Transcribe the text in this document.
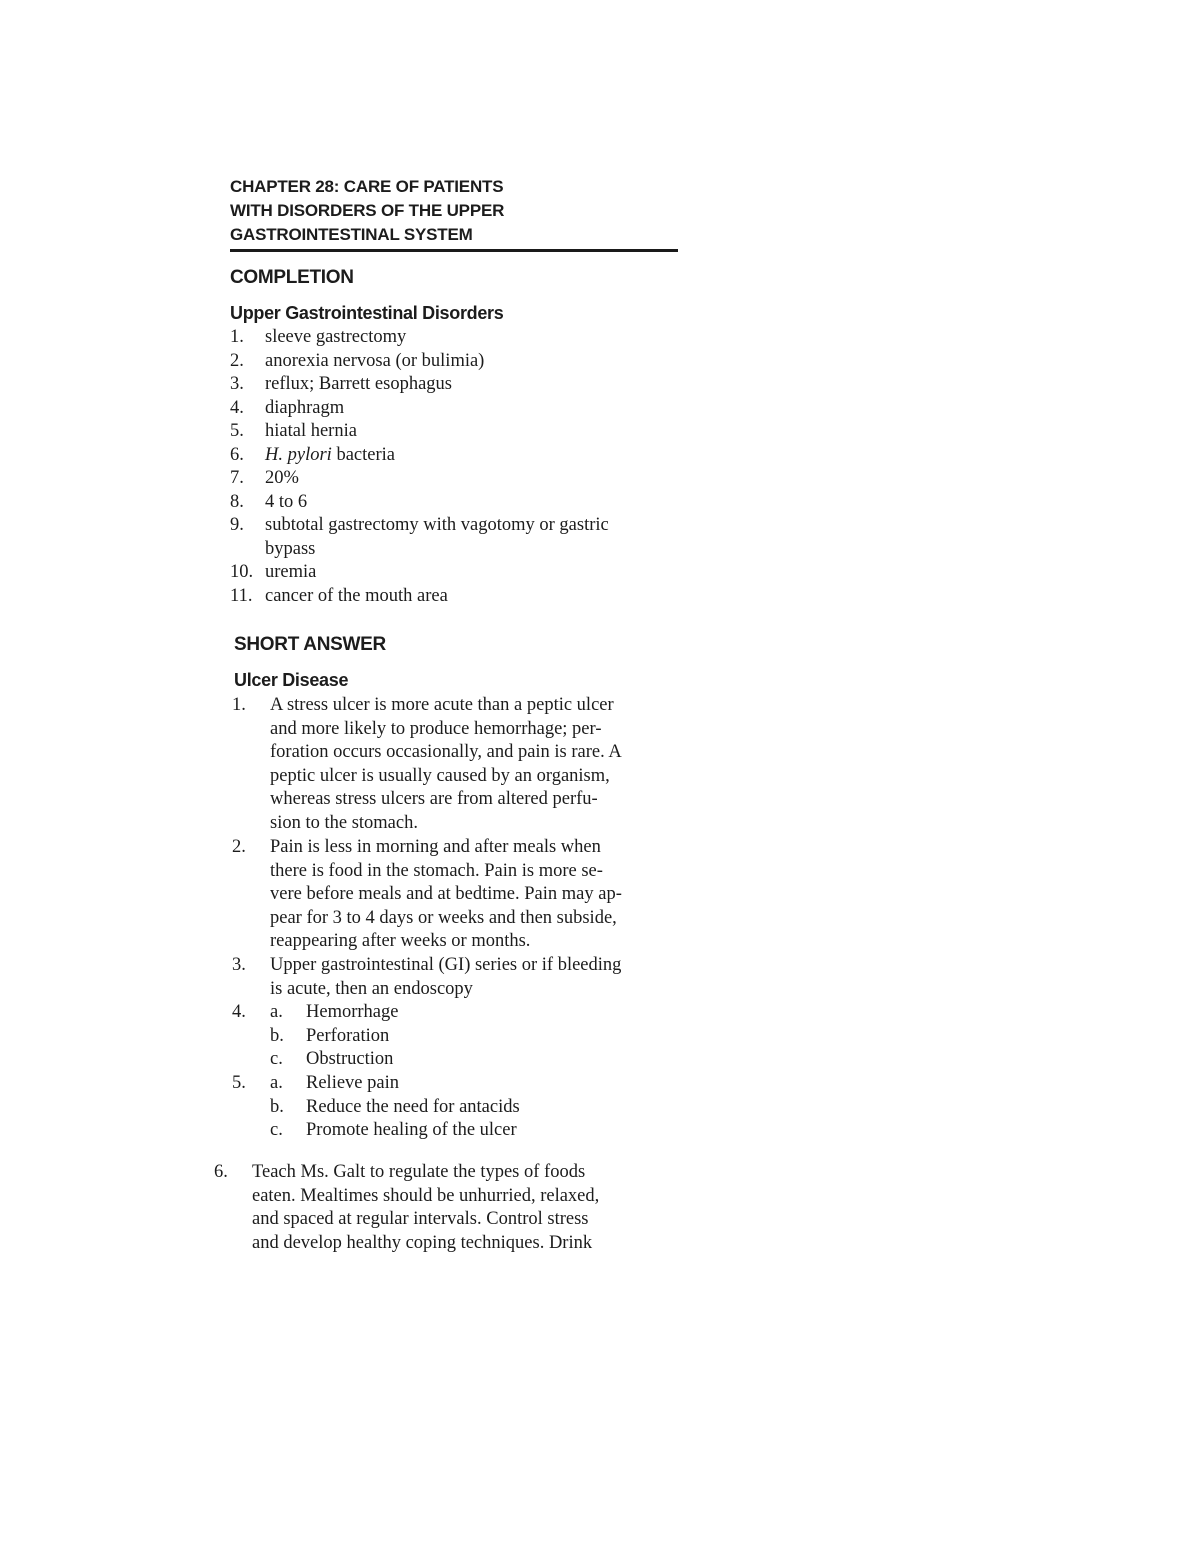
CHAPTER 28: CARE OF PATIENTS
WITH DISORDERS OF THE UPPER
GASTROINTESTINAL SYSTEM
COMPLETION
Upper Gastrointestinal Disorders
1. sleeve gastrectomy
2. anorexia nervosa (or bulimia)
3. reflux; Barrett esophagus
4. diaphragm
5. hiatal hernia
6. H. pylori bacteria
7. 20%
8. 4 to 6
9. subtotal gastrectomy with vagotomy or gastric
bypass
10. uremia
11. cancer of the mouth area
SHORT ANSWER
Ulcer Disease
1. A stress ulcer is more acute than a peptic ulcer
and more likely to produce hemorrhage; per-
foration occurs occasionally, and pain is rare. A
peptic ulcer is usually caused by an organism,
whereas stress ulcers are from altered perfu-
sion to the stomach.
2. Pain is less in morning and after meals when
there is food in the stomach. Pain is more se-
vere before meals and at bedtime. Pain may ap-
pear for 3 to 4 days or weeks and then subside,
reappearing after weeks or months.
3. Upper gastrointestinal (GI) series or if bleeding
is acute, then an endoscopy
4. a. Hemorrhage
b. Perforation
c. Obstruction
5. a. Relieve pain
b. Reduce the need for antacids
c. Promote healing of the ulcer
6. Teach Ms. Galt to regulate the types of foods
eaten. Mealtimes should be unhurried, relaxed,
and spaced at regular intervals. Control stress
and develop healthy coping techniques. Drink
